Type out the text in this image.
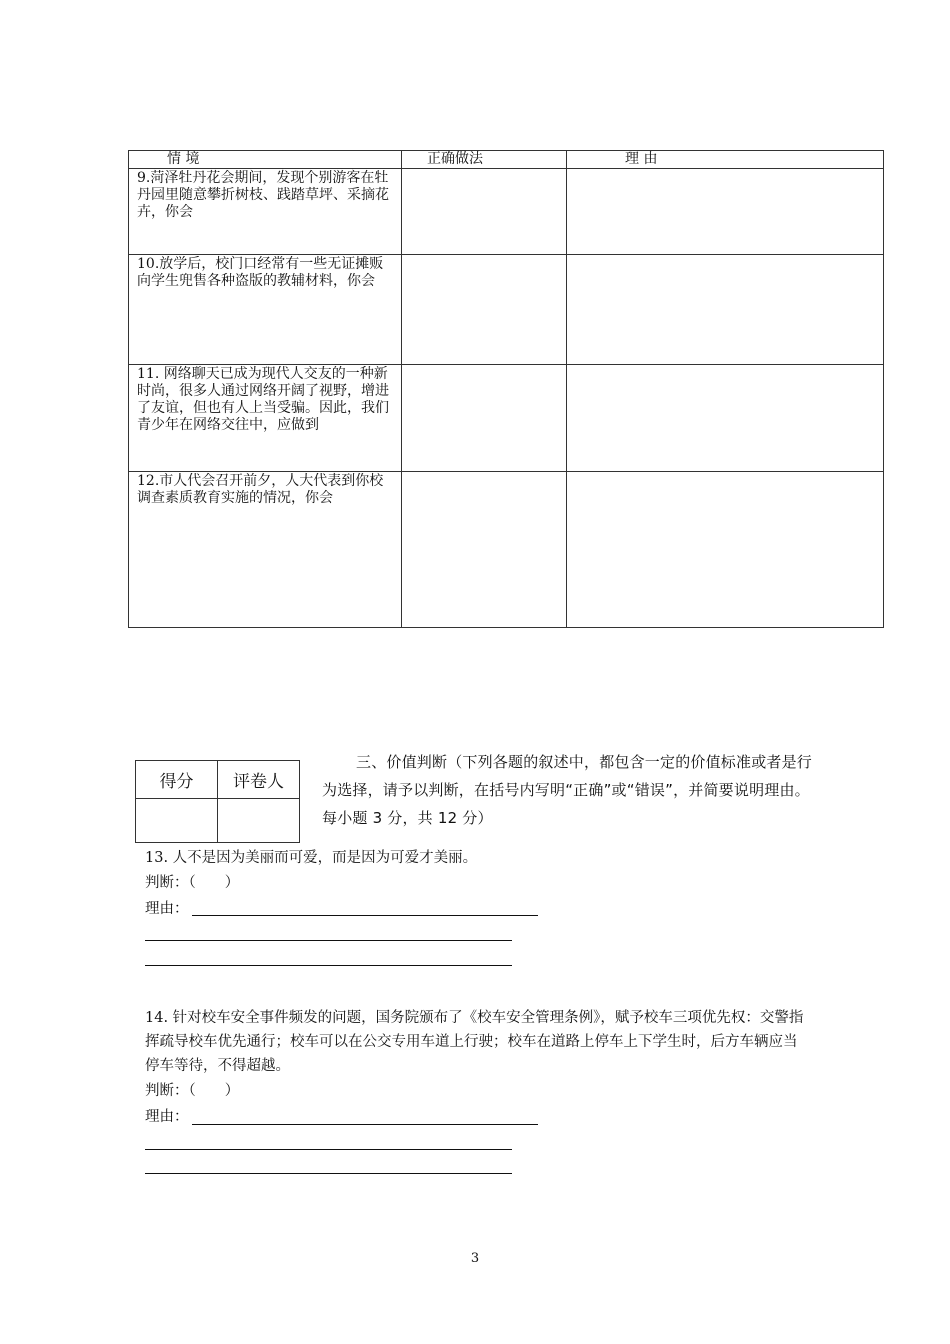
情 境	正确做法	理 由
9.菏泽牡丹花会期间，发现个别游客在牡丹园里随意攀折树枝、践踏草坪、采摘花卉，你会		
10.放学后，校门口经常有一些无证摊贩向学生兜售各种盗版的教辅材料，你会		
11. 网络聊天已成为现代人交友的一种新时尚，很多人通过网络开阔了视野，增进了友谊，但也有人上当受骗。因此，我们青少年在网络交往中，应做到		
12.市人代会召开前夕，人大代表到你校调查素质教育实施的情况，你会		
得分	评卷人

三、价值判断（下列各题的叙述中，都包含一定的价值标准或者是行为选择，请予以判断，在括号内写明“正确”或“错误”，并简要说明理由。每小题 3 分，共 12 分）
13. 人不是因为美丽而可爱，而是因为可爱才美丽。
判断：（　　）
理由：
14. 针对校车安全事件频发的问题，国务院颁布了《校车安全管理条例》，赋予校车三项优先权：交警指挥疏导校车优先通行；校车可以在公交专用车道上行驶；校车在道路上停车上下学生时，后方车辆应当停车等待，不得超越。
判断：（　　）
理由：
3
